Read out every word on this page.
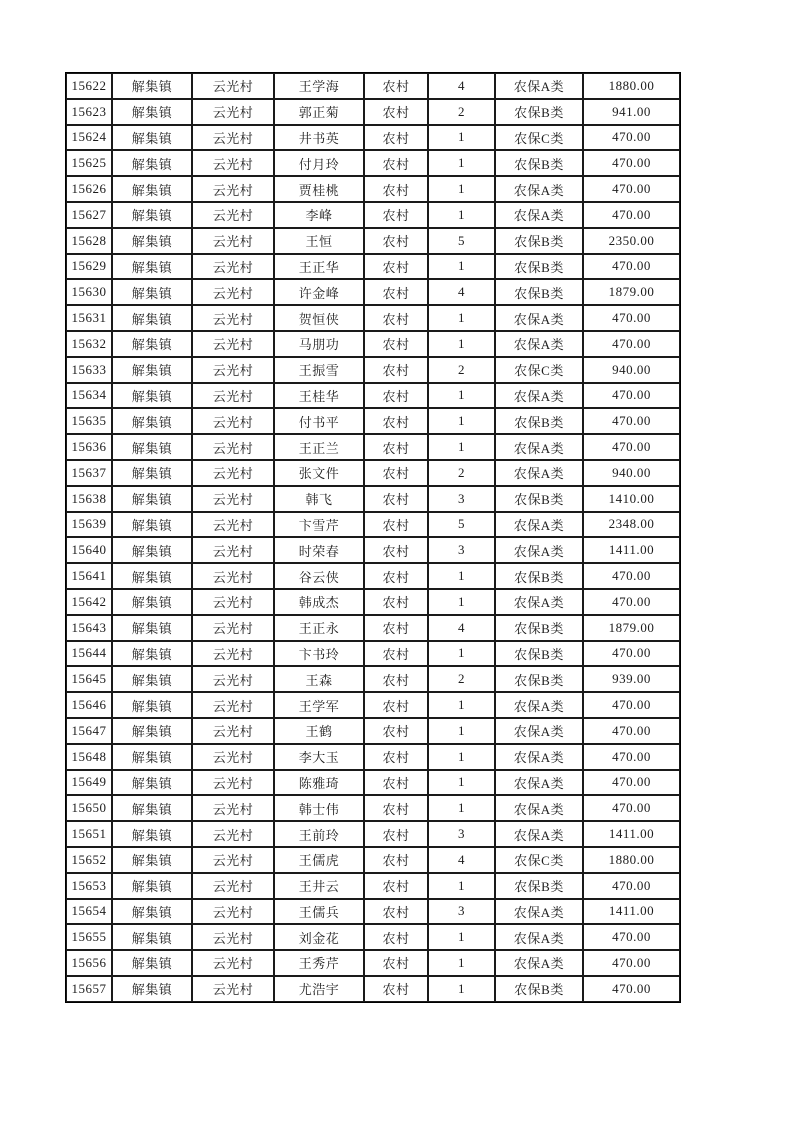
15622	解集镇	云光村	王学海	农村	4	农保A类	1880.00
15623	解集镇	云光村	郭正菊	农村	2	农保B类	941.00
15624	解集镇	云光村	井书英	农村	1	农保C类	470.00
15625	解集镇	云光村	付月玲	农村	1	农保B类	470.00
15626	解集镇	云光村	贾桂桃	农村	1	农保A类	470.00
15627	解集镇	云光村	李峰	农村	1	农保A类	470.00
15628	解集镇	云光村	王恒	农村	5	农保B类	2350.00
15629	解集镇	云光村	王正华	农村	1	农保B类	470.00
15630	解集镇	云光村	许金峰	农村	4	农保B类	1879.00
15631	解集镇	云光村	贺恒侠	农村	1	农保A类	470.00
15632	解集镇	云光村	马朋功	农村	1	农保A类	470.00
15633	解集镇	云光村	王振雪	农村	2	农保C类	940.00
15634	解集镇	云光村	王桂华	农村	1	农保A类	470.00
15635	解集镇	云光村	付书平	农村	1	农保B类	470.00
15636	解集镇	云光村	王正兰	农村	1	农保A类	470.00
15637	解集镇	云光村	张文件	农村	2	农保A类	940.00
15638	解集镇	云光村	韩飞	农村	3	农保B类	1410.00
15639	解集镇	云光村	卞雪芹	农村	5	农保A类	2348.00
15640	解集镇	云光村	时荣春	农村	3	农保A类	1411.00
15641	解集镇	云光村	谷云侠	农村	1	农保B类	470.00
15642	解集镇	云光村	韩成杰	农村	1	农保A类	470.00
15643	解集镇	云光村	王正永	农村	4	农保B类	1879.00
15644	解集镇	云光村	卞书玲	农村	1	农保B类	470.00
15645	解集镇	云光村	王森	农村	2	农保B类	939.00
15646	解集镇	云光村	王学军	农村	1	农保A类	470.00
15647	解集镇	云光村	王鹤	农村	1	农保A类	470.00
15648	解集镇	云光村	李大玉	农村	1	农保A类	470.00
15649	解集镇	云光村	陈雅琦	农村	1	农保A类	470.00
15650	解集镇	云光村	韩士伟	农村	1	农保A类	470.00
15651	解集镇	云光村	王前玲	农村	3	农保A类	1411.00
15652	解集镇	云光村	王儒虎	农村	4	农保C类	1880.00
15653	解集镇	云光村	王井云	农村	1	农保B类	470.00
15654	解集镇	云光村	王儒兵	农村	3	农保A类	1411.00
15655	解集镇	云光村	刘金花	农村	1	农保A类	470.00
15656	解集镇	云光村	王秀芹	农村	1	农保A类	470.00
15657	解集镇	云光村	尤浩宇	农村	1	农保B类	470.00
